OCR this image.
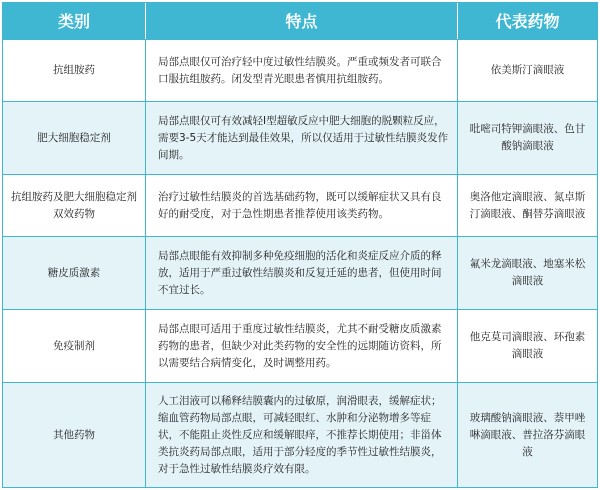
类别	特点	代表药物
抗组胺药
局部点眼仅可治疗轻中度过敏性结膜炎。严重或频发者可联合口服抗组胺药。闭发型青光眼患者慎用抗组胺药。
依美斯汀滴眼液
肥大细胞稳定剂
局部点眼仅可有效减轻Ⅰ型超敏反应中肥大细胞的脱颗粒反应，需要3-5天才能达到最佳效果，所以仅适用于过敏性结膜炎发作间期。
吡嘧司特钾滴眼液、色甘酸钠滴眼液
抗组胺药及肥大细胞稳定剂双效药物
治疗过敏性结膜炎的首选基础药物，既可以缓解症状又具有良好的耐受度，对于急性期患者推荐使用该类药物。
奥洛他定滴眼液、氮卓斯汀滴眼液、酮替芬滴眼液
糖皮质激素
局部点眼能有效抑制多种免疫细胞的活化和炎症反应介质的释放，适用于严重过敏性结膜炎和反复迁延的患者，但使用时间不宜过长。
氟米龙滴眼液、地塞米松滴眼液
免疫制剂
局部点眼可适用于重度过敏性结膜炎，尤其不耐受糖皮质激素药物的患者，但缺少对此类药物的安全性的远期随访资料，所以需要结合病情变化，及时调整用药。
他克莫司滴眼液、环孢素滴眼液
其他药物
人工泪液可以稀释结膜囊内的过敏原，润滑眼表，缓解症状；缩血管药物局部点眼，可减轻眼红、水肿和分泌物增多等症状，不能阻止炎性反应和缓解眼痒，不推荐长期使用；非甾体类抗炎药局部点眼，适用于部分轻度的季节性过敏性结膜炎，对于急性过敏性结膜炎疗效有限。
玻璃酸钠滴眼液、萘甲唑啉滴眼液、普拉洛芬滴眼液
